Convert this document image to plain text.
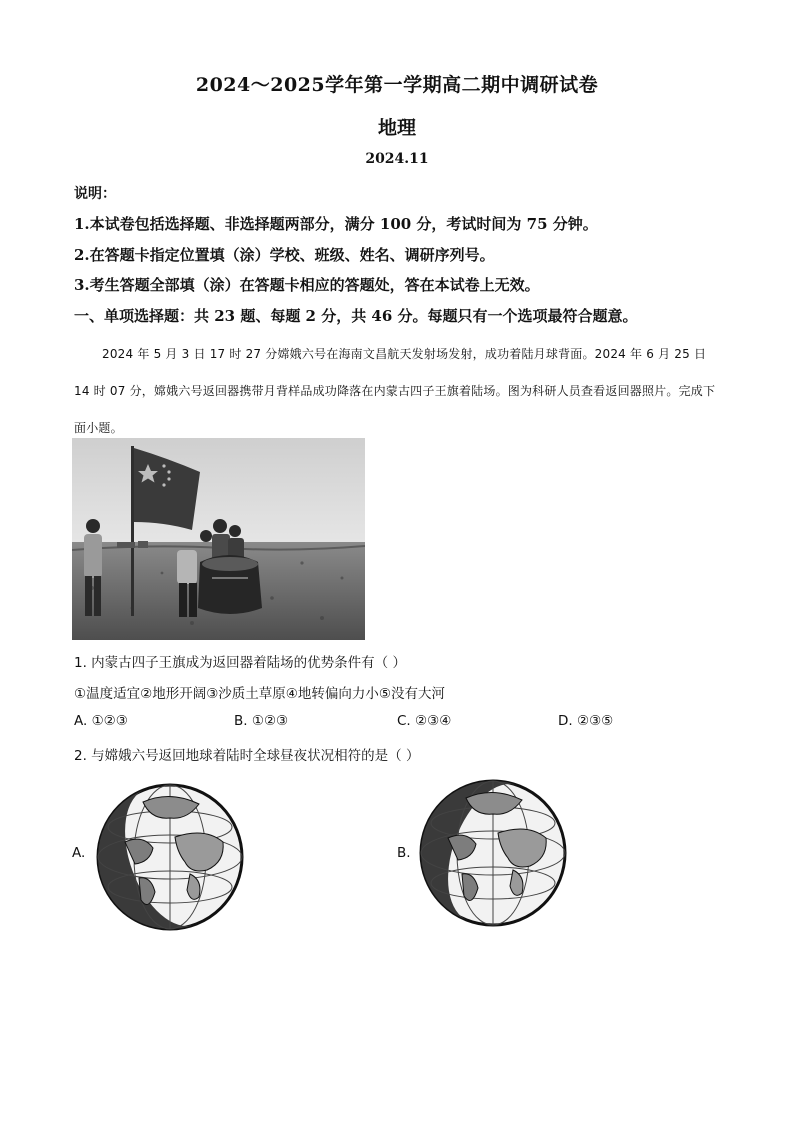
2024～2025学年第一学期高二期中调研试卷
地理
2024.11
说明：
1.本试卷包括选择题、非选择题两部分，满分 100 分，考试时间为 75 分钟。
2.在答题卡指定位置填（涂）学校、班级、姓名、调研序列号。
3.考生答题全部填（涂）在答题卡相应的答题处，答在本试卷上无效。
一、单项选择题：共 23 题、每题 2 分，共 46 分。每题只有一个选项最符合题意。
2024 年 5 月 3 日 17 时 27 分嫦娥六号在海南文昌航天发射场发射，成功着陆月球背面。2024 年 6 月 25 日 14 时 07 分，嫦娥六号返回器携带月背样品成功降落在内蒙古四子王旗着陆场。图为科研人员查看返回器照片。完成下面小题。
1. 内蒙古四子王旗成为返回器着陆场的优势条件有（ ）
①温度适宜②地形开阔③沙质土草原④地转偏向力小⑤没有大河
A. ①②③	B. ①②③	C. ②③④	D. ②③⑤
2. 与嫦娥六号返回地球着陆时全球昼夜状况相符的是（ ）
A.	B.
